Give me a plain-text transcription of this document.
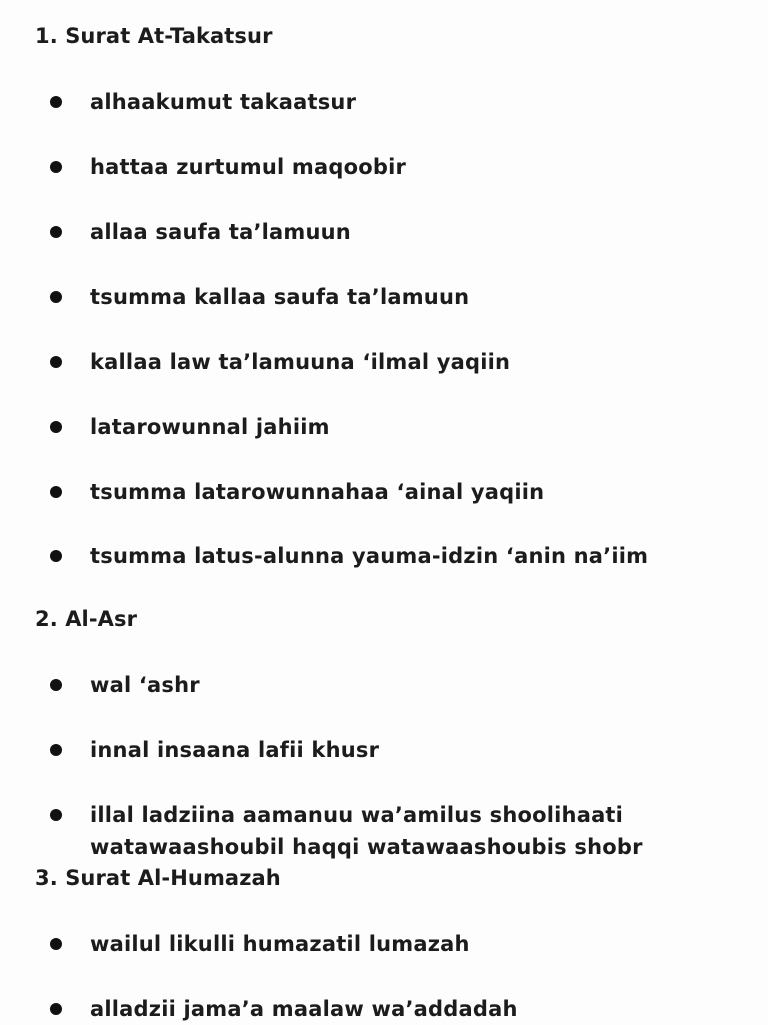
1. Surat At-Takatsur
alhaakumut takaatsur
hattaa zurtumul maqoobir
allaa saufa ta’lamuun
tsumma kallaa saufa ta’lamuun
kallaa law ta’lamuuna ‘ilmal yaqiin
latarowunnal jahiim
tsumma latarowunnahaa ‘ainal yaqiin
tsumma latus-alunna yauma-idzin ‘anin na’iim
2. Al-Asr
wal ‘ashr
innal insaana lafii khusr
illal ladziina aamanuu wa’amilus shoolihaati watawaashoubil haqqi watawaashoubis shobr
3. Surat Al-Humazah
wailul likulli humazatil lumazah
alladzii jama’a maalaw wa’addadah
